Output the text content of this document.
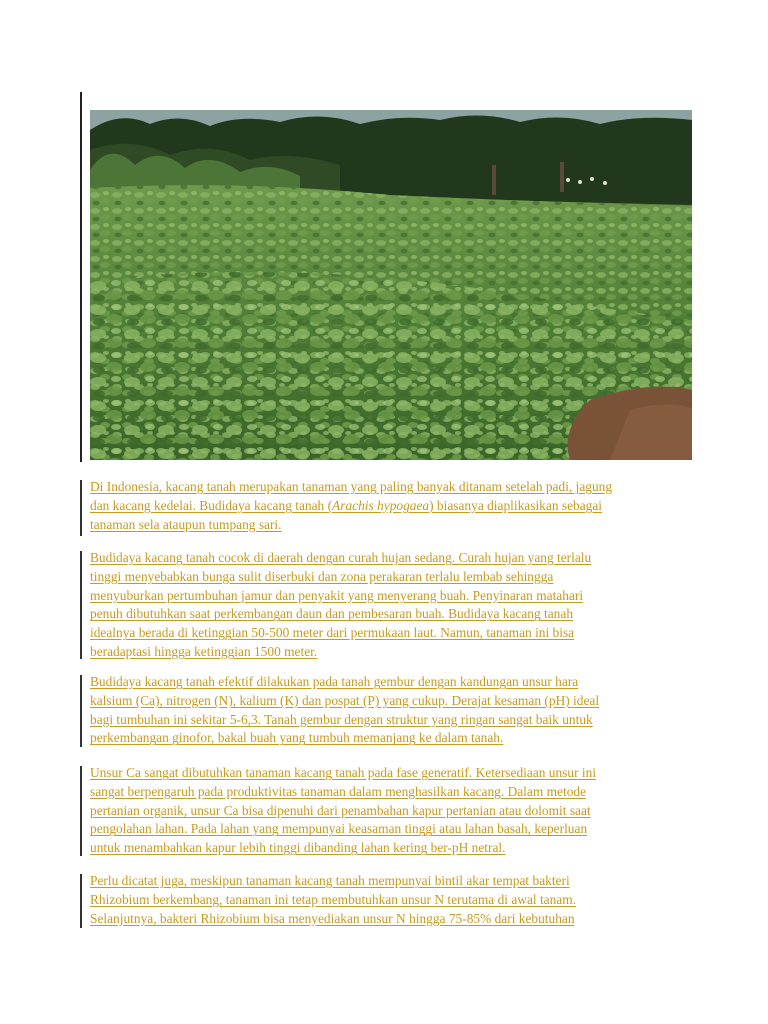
Di Indonesia, kacang tanah merupakan tanaman yang paling banyak ditanam setelah padi, jagung
dan kacang kedelai. Budidaya kacang tanah (Arachis hypogaea) biasanya diaplikasikan sebagai
tanaman sela ataupun tumpang sari.

Budidaya kacang tanah cocok di daerah dengan curah hujan sedang. Curah hujan yang terlalu
tinggi menyebabkan bunga sulit diserbuki dan zona perakaran terlalu lembab sehingga
menyuburkan pertumbuhan jamur dan penyakit yang menyerang buah. Penyinaran matahari
penuh dibutuhkan saat perkembangan daun dan pembesaran buah. Budidaya kacang tanah
idealnya berada di ketinggian 50-500 meter dari permukaan laut. Namun, tanaman ini bisa
beradaptasi hingga ketinggian 1500 meter.

Budidaya kacang tanah efektif dilakukan pada tanah gembur dengan kandungan unsur hara
kalsium (Ca), nitrogen (N), kalium (K) dan pospat (P) yang cukup. Derajat kesaman (pH) ideal
bagi tumbuhan ini sekitar 5-6,3. Tanah gembur dengan struktur yang ringan sangat baik untuk
perkembangan ginofor, bakal buah yang tumbuh memanjang ke dalam tanah.

Unsur Ca sangat dibutuhkan tanaman kacang tanah pada fase generatif. Ketersediaan unsur ini
sangat berpengaruh pada produktivitas tanaman dalam menghasilkan kacang. Dalam metode
pertanian organik, unsur Ca bisa dipenuhi dari penambahan kapur pertanian atau dolomit saat
pengolahan lahan. Pada lahan yang mempunyai keasaman tinggi atau lahan basah, keperluan
untuk menambahkan kapur lebih tinggi dibanding lahan kering ber-pH netral.

Perlu dicatat juga, meskipun tanaman kacang tanah mempunyai bintil akar tempat bakteri
Rhizobium berkembang, tanaman ini tetap membutuhkan unsur N terutama di awal tanam.
Selanjutnya, bakteri Rhizobium bisa menyediakan unsur N hingga 75-85% dari kebutuhan
